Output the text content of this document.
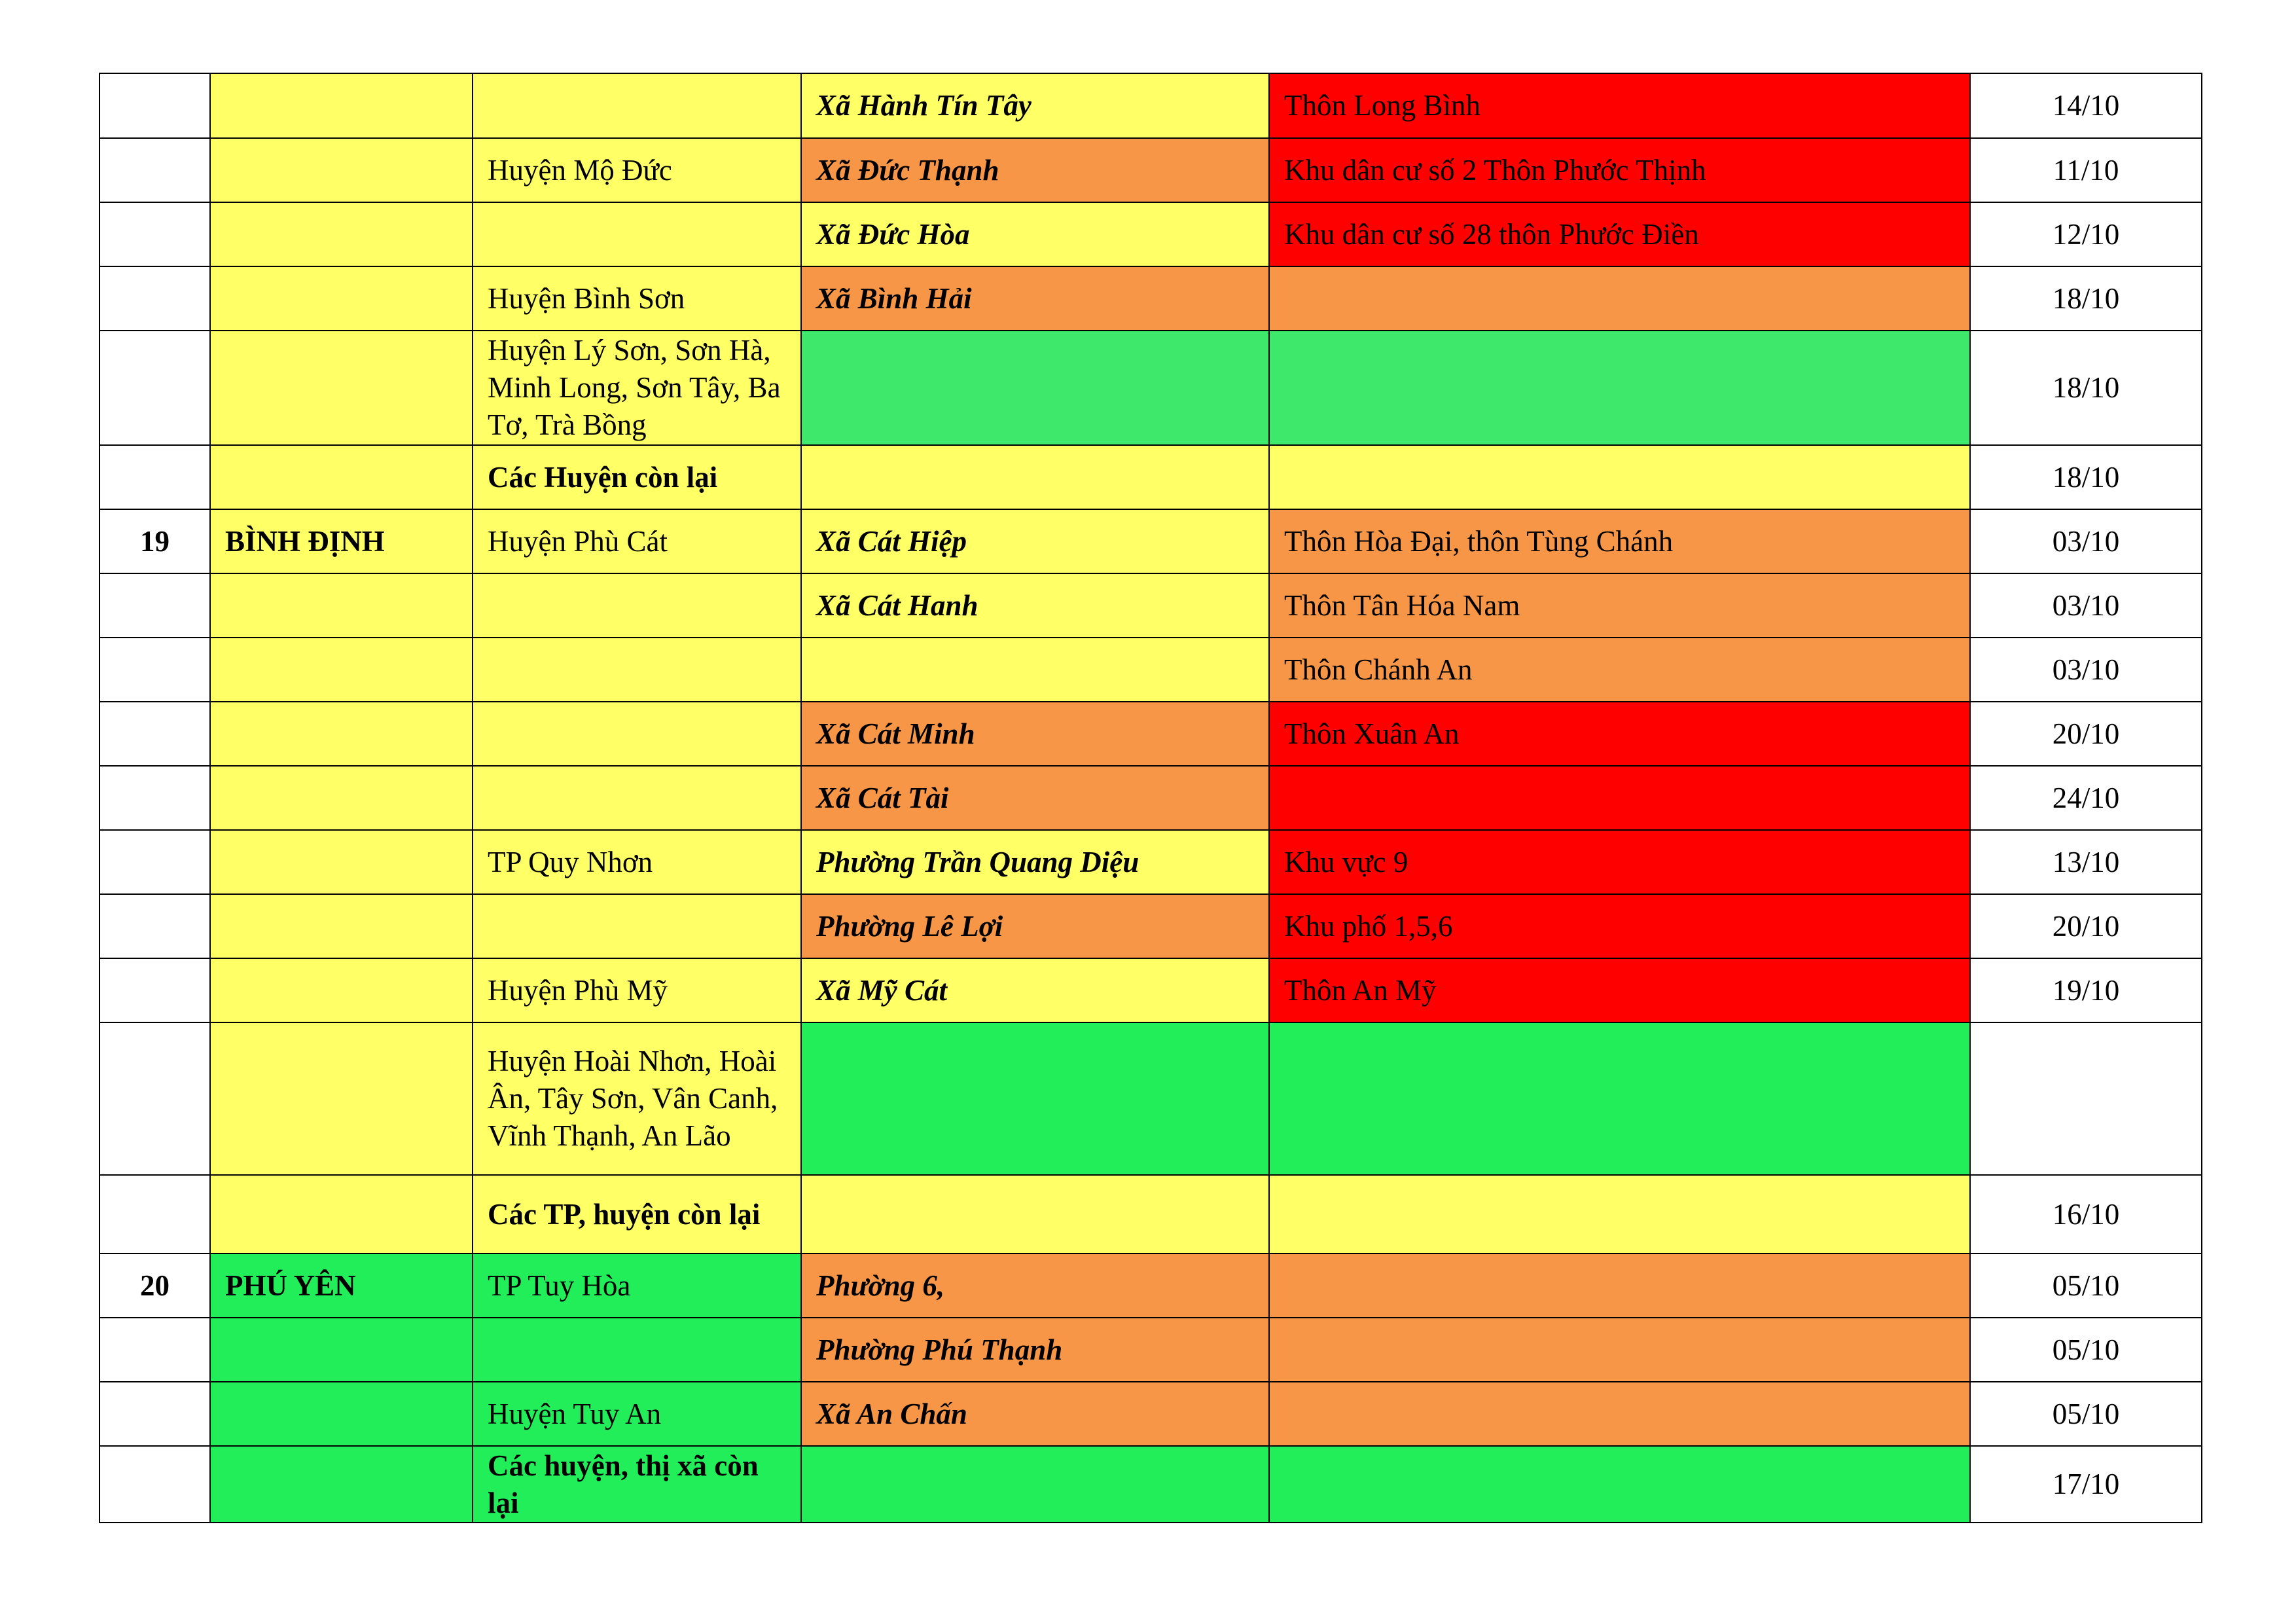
			Xã Hành Tín Tây	Thôn Long Bình	14/10
		Huyện Mộ Đức	Xã Đức Thạnh	Khu dân cư số 2 Thôn Phước Thịnh	11/10
			Xã Đức Hòa	Khu dân cư số 28 thôn Phước Điền	12/10
		Huyện Bình Sơn	Xã Bình Hải		18/10
		Huyện Lý Sơn, Sơn Hà, Minh Long, Sơn Tây, Ba Tơ, Trà Bồng			18/10
		Các Huyện còn lại			18/10
19	BÌNH ĐỊNH	Huyện Phù Cát	Xã Cát Hiệp	Thôn Hòa Đại, thôn Tùng Chánh	03/10
			Xã Cát Hanh	Thôn Tân Hóa Nam	03/10
				Thôn Chánh An	03/10
			Xã Cát Minh	Thôn Xuân An	20/10
			Xã Cát Tài		24/10
		TP Quy Nhơn	Phường Trần Quang Diệu	Khu vực 9	13/10
			Phường Lê Lợi	Khu phố 1,5,6	20/10
		Huyện Phù Mỹ	Xã Mỹ Cát	Thôn An Mỹ	19/10
		Huyện Hoài Nhơn, Hoài Ân, Tây Sơn, Vân Canh, Vĩnh Thạnh, An Lão			
		Các TP, huyện còn lại			16/10
20	PHÚ YÊN	TP Tuy Hòa	Phường 6,		05/10
			Phường Phú Thạnh		05/10
		Huyện Tuy An	Xã An Chấn		05/10
		Các huyện, thị xã còn lại			17/10
